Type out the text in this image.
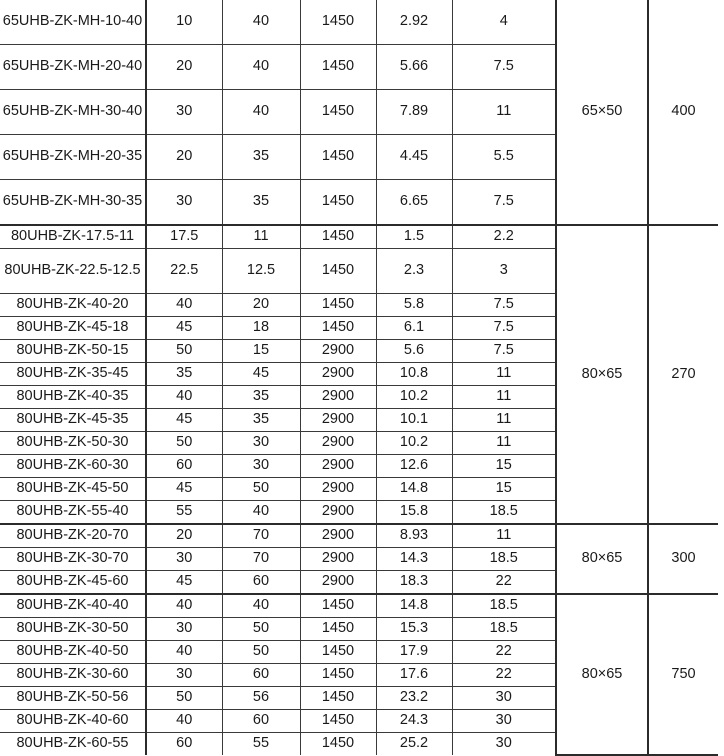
65UHB-ZK-MH-10-40	10	40	1450	2.92	4	65×50	400
65UHB-ZK-MH-20-40	20	40	1450	5.66	7.5		
65UHB-ZK-MH-30-40	30	40	1450	7.89	11		
65UHB-ZK-MH-20-35	20	35	1450	4.45	5.5		
65UHB-ZK-MH-30-35	30	35	1450	6.65	7.5		
80UHB-ZK-17.5-11	17.5	11	1450	1.5	2.2	80×65	270
80UHB-ZK-22.5-12.5	22.5	12.5	1450	2.3	3		
80UHB-ZK-40-20	40	20	1450	5.8	7.5		
80UHB-ZK-45-18	45	18	1450	6.1	7.5		
80UHB-ZK-50-15	50	15	2900	5.6	7.5		
80UHB-ZK-35-45	35	45	2900	10.8	11		
80UHB-ZK-40-35	40	35	2900	10.2	11		
80UHB-ZK-45-35	45	35	2900	10.1	11		
80UHB-ZK-50-30	50	30	2900	10.2	11		
80UHB-ZK-60-30	60	30	2900	12.6	15		
80UHB-ZK-45-50	45	50	2900	14.8	15		
80UHB-ZK-55-40	55	40	2900	15.8	18.5		
80UHB-ZK-20-70	20	70	2900	8.93	11	80×65	300
80UHB-ZK-30-70	30	70	2900	14.3	18.5		
80UHB-ZK-45-60	45	60	2900	18.3	22		
80UHB-ZK-40-40	40	40	1450	14.8	18.5	80×65	750
80UHB-ZK-30-50	30	50	1450	15.3	18.5		
80UHB-ZK-40-50	40	50	1450	17.9	22		
80UHB-ZK-30-60	30	60	1450	17.6	22		
80UHB-ZK-50-56	50	56	1450	23.2	30		
80UHB-ZK-40-60	40	60	1450	24.3	30		
80UHB-ZK-60-55	60	55	1450	25.2	30		
